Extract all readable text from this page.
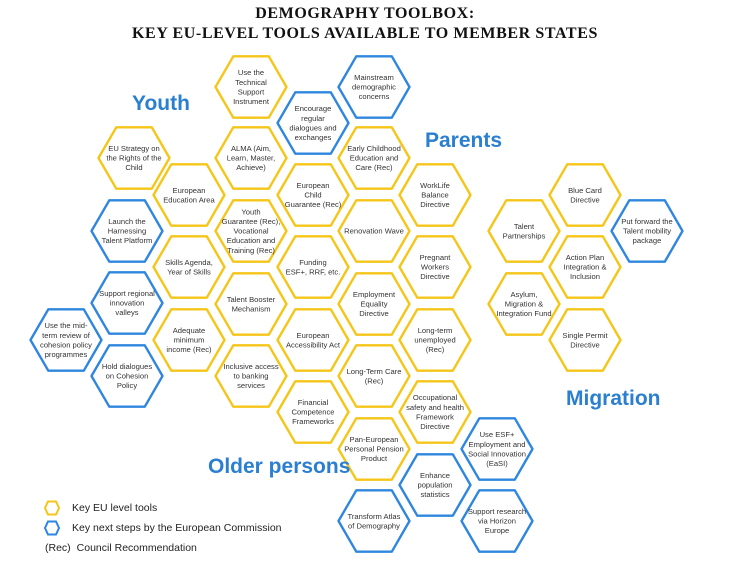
DEMOGRAPHY TOOLBOX:
KEY EU-LEVEL TOOLS AVAILABLE TO MEMBER STATES
EU Strategy on
the Rights of the
Child
Launch the
Harnessing
Talent Platform
Support regional
innovation
valleys
Hold dialogues
on Cohesion
Policy
Use the mid-
term review of
cohesion policy
programmes
European
Education Area
Skills Agenda,
Year of Skills
Adequate
minimum
income (Rec)
Use the
Technical
Support
Instrument
ALMA (Aim,
Learn, Master,
Achieve)
Youth
Guarantee (Rec),
Vocational
Education and
Training (Rec)
Talent Booster
Mechanism
Inclusive access
to banking
services
Encourage
regular
dialogues and
exchanges
European
Child
Guarantee (Rec)
Funding
ESF+, RRF, etc.
European
Accessibility Act
Financial
Competence
Frameworks
Mainstream
demographic
concerns
Early Childhood
Education and
Care (Rec)
Renovation Wave
Employment
Equality
Directive
Long-Term Care
(Rec)
Pan-European
Personal Pension
Product
Transform Atlas
of Demography
WorkLife
Balance
Directive
Pregnant
Workers
Directive
Long-term
unemployed
(Rec)
Occupational
safety and health
Framework
Directive
Enhance
population
statistics
Use ESF+
Employment and
Social Innovation
(EaSI)
Support research
via Horizon
Europe
Talent
Partnerships
Asylum,
Migration &
Integration Fund
Blue Card
Directive
Action Plan
Integration &
Inclusion
Single Permit
Directive
Put forward the
Talent mobility
package
Youth
Parents
Older persons
Migration
Key EU level tools
Key next steps by the European Commission
(Rec) Council Recommendation
